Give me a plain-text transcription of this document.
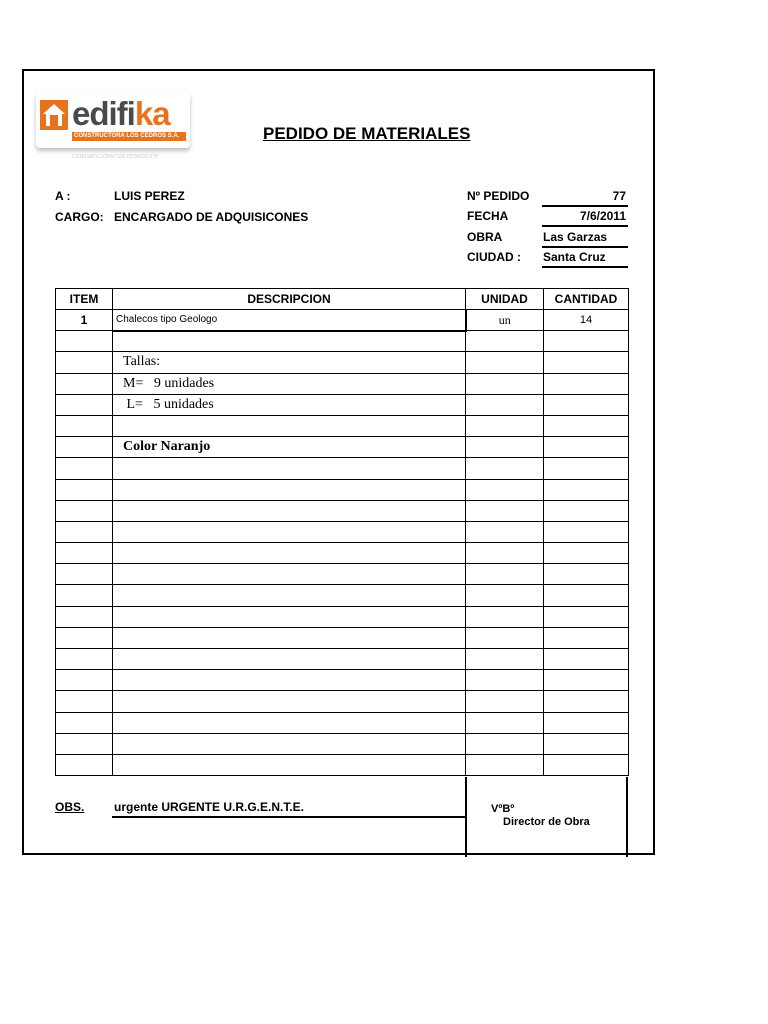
edifika
CONSTRUCTORA LOS CEDROS S.A.
CONSTRUCTORA LOS CEDROS S.A.
PEDIDO DE MATERIALES
A :	LUIS PEREZ
CARGO: ENCARGADO DE ADQUISICONES
Nº PEDIDO	77
FECHA	7/6/2011
OBRA	Las Garzas
CIUDAD : Santa Cruz
ITEM	DESCRIPCION	UNIDAD	CANTIDAD
1	Chalecos tipo Geologo	un	14

	Tallas:		
	M=   9 unidades		
	L=   5 unidades		

	Color Naranjo		

OBS. urgente URGENTE U.R.G.E.N.T.E.	VºBº
Director de Obra
